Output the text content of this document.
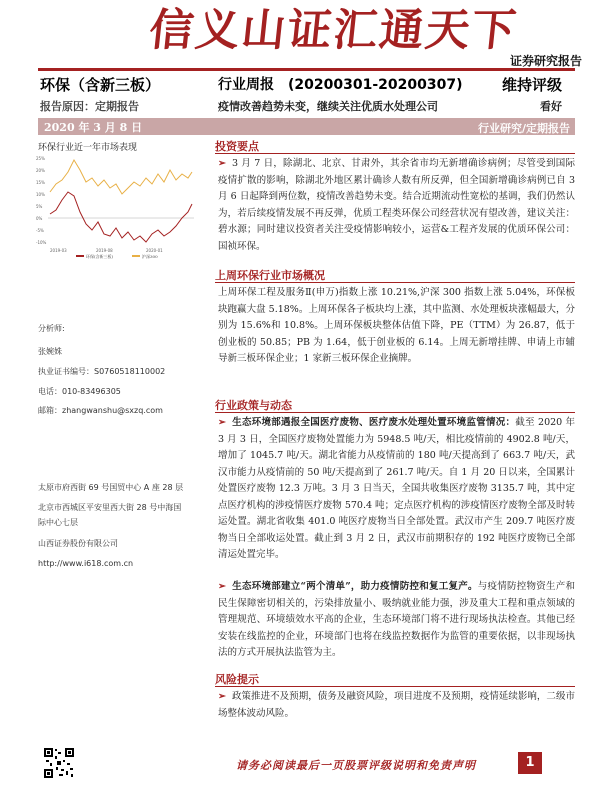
信义山证汇通天下
证券研究报告
环保（含新三板）	行业周报　(20200301-20200307)	维持评级
报告原因：定期报告	疫情改善趋势未变，继续关注优质水处理公司	看好
2020 年 3 月 8 日	行业研究/定期报告
环保行业近一年市场表现
25%
20%
15%
10%
5%
0%
-5%
-10%
2019-03	2019-08	2020-01
环保(含新三板)	沪深300
分析师:
张婉姝
执业证书编号：S0760518110002
电话：010-83496305
邮箱：zhangwanshu@sxzq.com
太原市府西街 69 号国贸中心 A 座 28 层
北京市西城区平安里西大街 28 号中海国际中心七层
山西证券股份有限公司
http://www.i618.com.cn
投资要点
➢ 3 月 7 日，除湖北、北京、甘肃外，其余省市均无新增确诊病例；尽管受到国际疫情扩散的影响，除湖北外地区累计确诊人数有所反弹，但全国新增确诊病例已自 3 月 6 日起降到两位数，疫情改善趋势未变。结合近期流动性宽松的基调，我们仍然认为，若后续疫情发展不再反弹，优质工程类环保公司经营状况有望改善，建议关注：碧水源；同时建议投资者关注受疫情影响较小，运营&工程齐发展的优质环保公司：国祯环保。
上周环保行业市场概况
上周环保工程及服务Ⅱ(申万)指数上涨 10.21%,沪深 300 指数上涨 5.04%，环保板块跑赢大盘 5.18%。上周环保各子板块均上涨，其中监测、水处理板块涨幅最大，分别为 15.6%和 10.8%。上周环保板块整体估值下降，PE（TTM）为 26.87，低于创业板的 50.85；PB 为 1.64，低于创业板的 6.14。上周无新增挂牌、申请上市辅导新三板环保企业；1 家新三板环保企业摘牌。
行业政策与动态
➢ 生态环境部遇报全国医疗废物、医疗废水处理处置环境监管情况：截至 2020 年 3 月 3 日，全国医疗废物处置能力为 5948.5 吨/天，相比疫情前的 4902.8 吨/天，增加了 1045.7 吨/天。湖北省能力从疫情前的 180 吨/天提高到了 663.7 吨/天，武汉市能力从疫情前的 50 吨/天提高到了 261.7 吨/天。自 1 月 20 日以来，全国累计处置医疗废物 12.3 万吨。3 月 3 日当天，全国共收集医疗废物 3135.7 吨，其中定点医疗机构的涉疫情医疗废物 570.4 吨；定点医疗机构的涉疫情医疗废物全部及时转运处置。湖北省收集 401.0 吨医疗废物当日全部处置。武汉市产生 209.7 吨医疗废物当日全部收运处置。截止到 3 月 2 日，武汉市前期积存的 192 吨医疗废物已全部清运处置完毕。
➢ 生态环境部建立“两个清单”，助力疫情防控和复工复产。与疫情防控物资生产和民生保障密切相关的，污染排放量小、吸纳就业能力强，涉及重大工程和重点领域的管理规范、环境绩效水平高的企业，生态环境部门将不进行现场执法检查。其他已经安装在线监控的企业，环境部门也将在线监控数据作为监管的重要依据，以非现场执法的方式开展执法监管为主。
风险提示
➢ 政策推进不及预期，债务及融资风险，项目进度不及预期，疫情延续影响，二级市场整体波动风险。
请务必阅读最后一页股票评级说明和免责声明	1
